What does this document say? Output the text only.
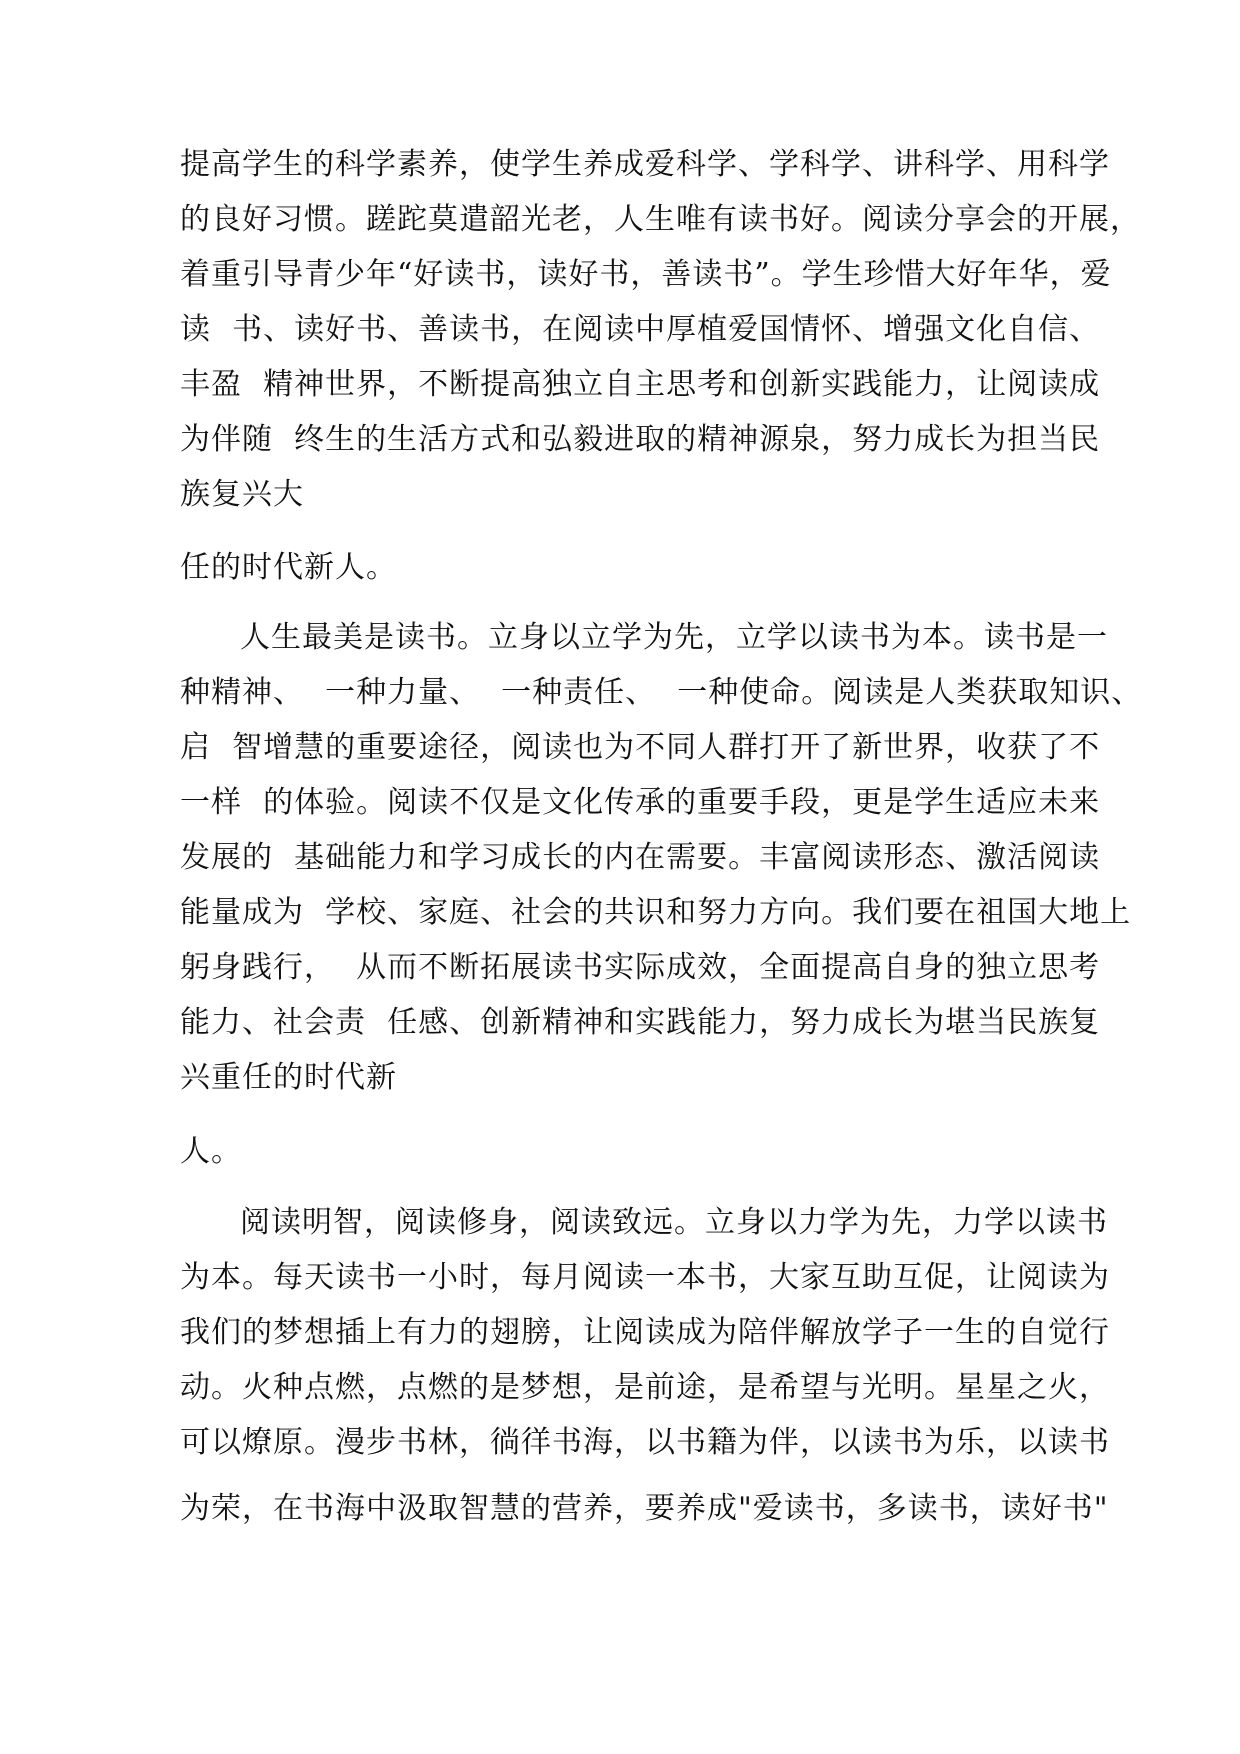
提高学生的科学素养，使学生养成爱科学、学科学、讲科学、用科学
的良好习惯。蹉跎莫遣韶光老，人生唯有读书好。阅读分享会的开展，
着重引导青少年“好读书，读好书，善读书”。学生珍惜大好年华，爱
读  书、读好书、善读书，在阅读中厚植爱国情怀、增强文化自信、
丰盈  精神世界，不断提高独立自主思考和创新实践能力，让阅读成
为伴随  终生的生活方式和弘毅进取的精神源泉，努力成长为担当民
族复兴大
任的时代新人。
人生最美是读书。立身以立学为先，立学以读书为本。读书是一
种精神、  一种力量、  一种责任、  一种使命。阅读是人类获取知识、
启  智增慧的重要途径，阅读也为不同人群打开了新世界，收获了不
一样  的体验。阅读不仅是文化传承的重要手段，更是学生适应未来
发展的  基础能力和学习成长的内在需要。丰富阅读形态、激活阅读
能量成为  学校、家庭、社会的共识和努力方向。我们要在祖国大地上
躬身践行，  从而不断拓展读书实际成效，全面提高自身的独立思考
能力、社会责  任感、创新精神和实践能力，努力成长为堪当民族复
兴重任的时代新
人。
阅读明智，阅读修身，阅读致远。立身以力学为先，力学以读书
为本。每天读书一小时，每月阅读一本书，大家互助互促，让阅读为
我们的梦想插上有力的翅膀，让阅读成为陪伴解放学子一生的自觉行
动。火种点燃，点燃的是梦想，是前途，是希望与光明。星星之火，
可以燎原。漫步书林，徜徉书海，以书籍为伴，以读书为乐，以读书
为荣，在书海中汲取智慧的营养，要养成"爱读书，多读书，读好书"
